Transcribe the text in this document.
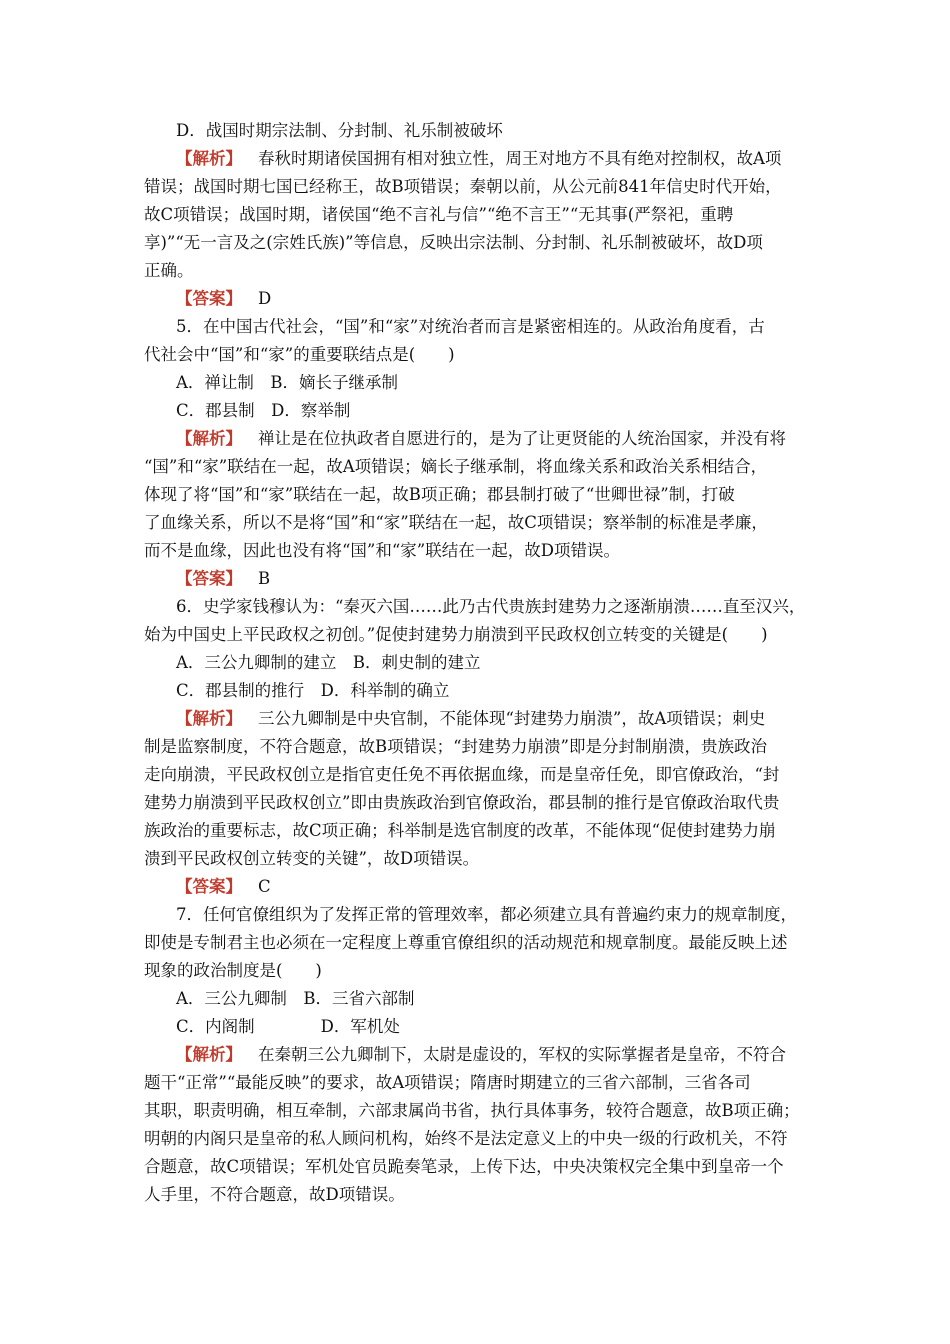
D．战国时期宗法制、分封制、礼乐制被破坏
【解析】 春秋时期诸侯国拥有相对独立性，周王对地方不具有绝对控制权，故A项
错误；战国时期七国已经称王，故B项错误；秦朝以前，从公元前841年信史时代开始，
故C项错误；战国时期，诸侯国“绝不言礼与信”“绝不言王”“无其事(严祭祀，重聘
享)”“无一言及之(宗姓氏族)”等信息，反映出宗法制、分封制、礼乐制被破坏，故D项
正确。
【答案】 D
5．在中国古代社会，“国”和“家”对统治者而言是紧密相连的。从政治角度看，古
代社会中“国”和“家”的重要联结点是(　　)
A．禅让制　B．嫡长子继承制
C．郡县制　D．察举制
【解析】 禅让是在位执政者自愿进行的，是为了让更贤能的人统治国家，并没有将
“国”和“家”联结在一起，故A项错误；嫡长子继承制，将血缘关系和政治关系相结合，
体现了将“国”和“家”联结在一起，故B项正确；郡县制打破了“世卿世禄”制，打破
了血缘关系，所以不是将“国”和“家”联结在一起，故C项错误；察举制的标准是孝廉，
而不是血缘，因此也没有将“国”和“家”联结在一起，故D项错误。
【答案】 B
6．史学家钱穆认为：“秦灭六国……此乃古代贵族封建势力之逐渐崩溃……直至汉兴，
始为中国史上平民政权之初创。”促使封建势力崩溃到平民政权创立转变的关键是(　　)
A．三公九卿制的建立　B．刺史制的建立
C．郡县制的推行　D．科举制的确立
【解析】 三公九卿制是中央官制，不能体现“封建势力崩溃”，故A项错误；刺史
制是监察制度，不符合题意，故B项错误；“封建势力崩溃”即是分封制崩溃，贵族政治
走向崩溃，平民政权创立是指官吏任免不再依据血缘，而是皇帝任免，即官僚政治，“封
建势力崩溃到平民政权创立”即由贵族政治到官僚政治，郡县制的推行是官僚政治取代贵
族政治的重要标志，故C项正确；科举制是选官制度的改革，不能体现“促使封建势力崩
溃到平民政权创立转变的关键”，故D项错误。
【答案】 C
7．任何官僚组织为了发挥正常的管理效率，都必须建立具有普遍约束力的规章制度，
即使是专制君主也必须在一定程度上尊重官僚组织的活动规范和规章制度。最能反映上述
现象的政治制度是(　　)
A．三公九卿制　B．三省六部制
C．内阁制　　　　D．军机处
【解析】 在秦朝三公九卿制下，太尉是虚设的，军权的实际掌握者是皇帝，不符合
题干“正常”“最能反映”的要求，故A项错误；隋唐时期建立的三省六部制，三省各司
其职，职责明确，相互牵制，六部隶属尚书省，执行具体事务，较符合题意，故B项正确；
明朝的内阁只是皇帝的私人顾问机构，始终不是法定意义上的中央一级的行政机关，不符
合题意，故C项错误；军机处官员跪奏笔录，上传下达，中央决策权完全集中到皇帝一个
人手里，不符合题意，故D项错误。
